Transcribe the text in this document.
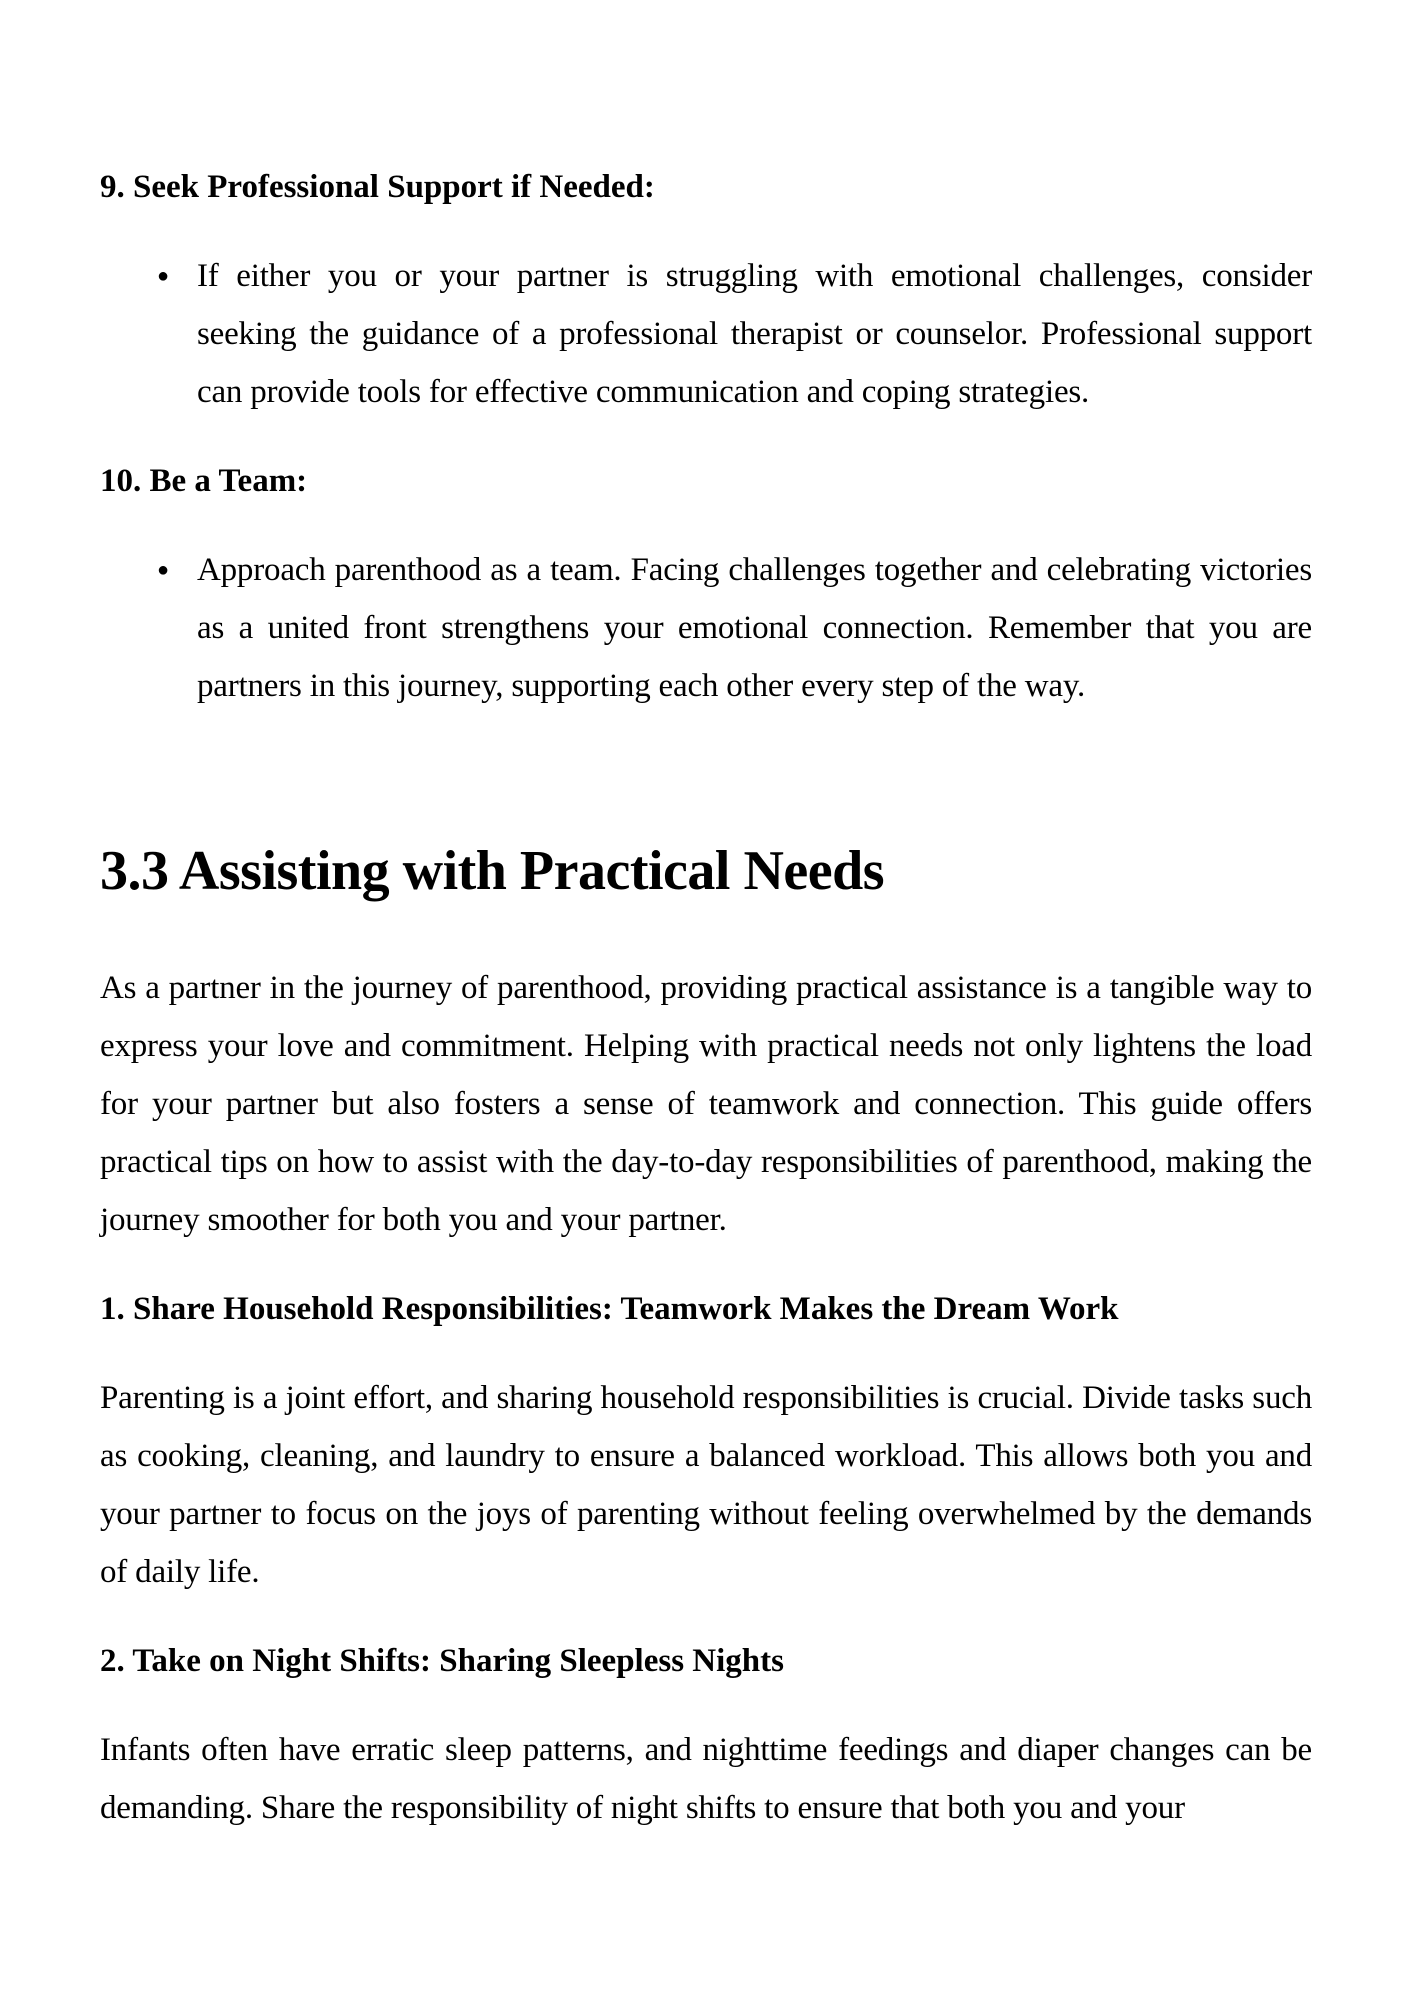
9. Seek Professional Support if Needed:
● If either you or your partner is struggling with emotional challenges, consider seeking the guidance of a professional therapist or counselor. Professional support can provide tools for effective communication and coping strategies.
10. Be a Team:
● Approach parenthood as a team. Facing challenges together and celebrating victories as a united front strengthens your emotional connection. Remember that you are partners in this journey, supporting each other every step of the way.
3.3 Assisting with Practical Needs

As a partner in the journey of parenthood, providing practical assistance is a tangible way to express your love and commitment. Helping with practical needs not only lightens the load for your partner but also fosters a sense of teamwork and connection. This guide offers practical tips on how to assist with the day-to-day responsibilities of parenthood, making the journey smoother for both you and your partner.

1. Share Household Responsibilities: Teamwork Makes the Dream Work

Parenting is a joint effort, and sharing household responsibilities is crucial. Divide tasks such as cooking, cleaning, and laundry to ensure a balanced workload. This allows both you and your partner to focus on the joys of parenting without feeling overwhelmed by the demands of daily life.

2. Take on Night Shifts: Sharing Sleepless Nights

Infants often have erratic sleep patterns, and nighttime feedings and diaper changes can be demanding. Share the responsibility of night shifts to ensure that both you and your
